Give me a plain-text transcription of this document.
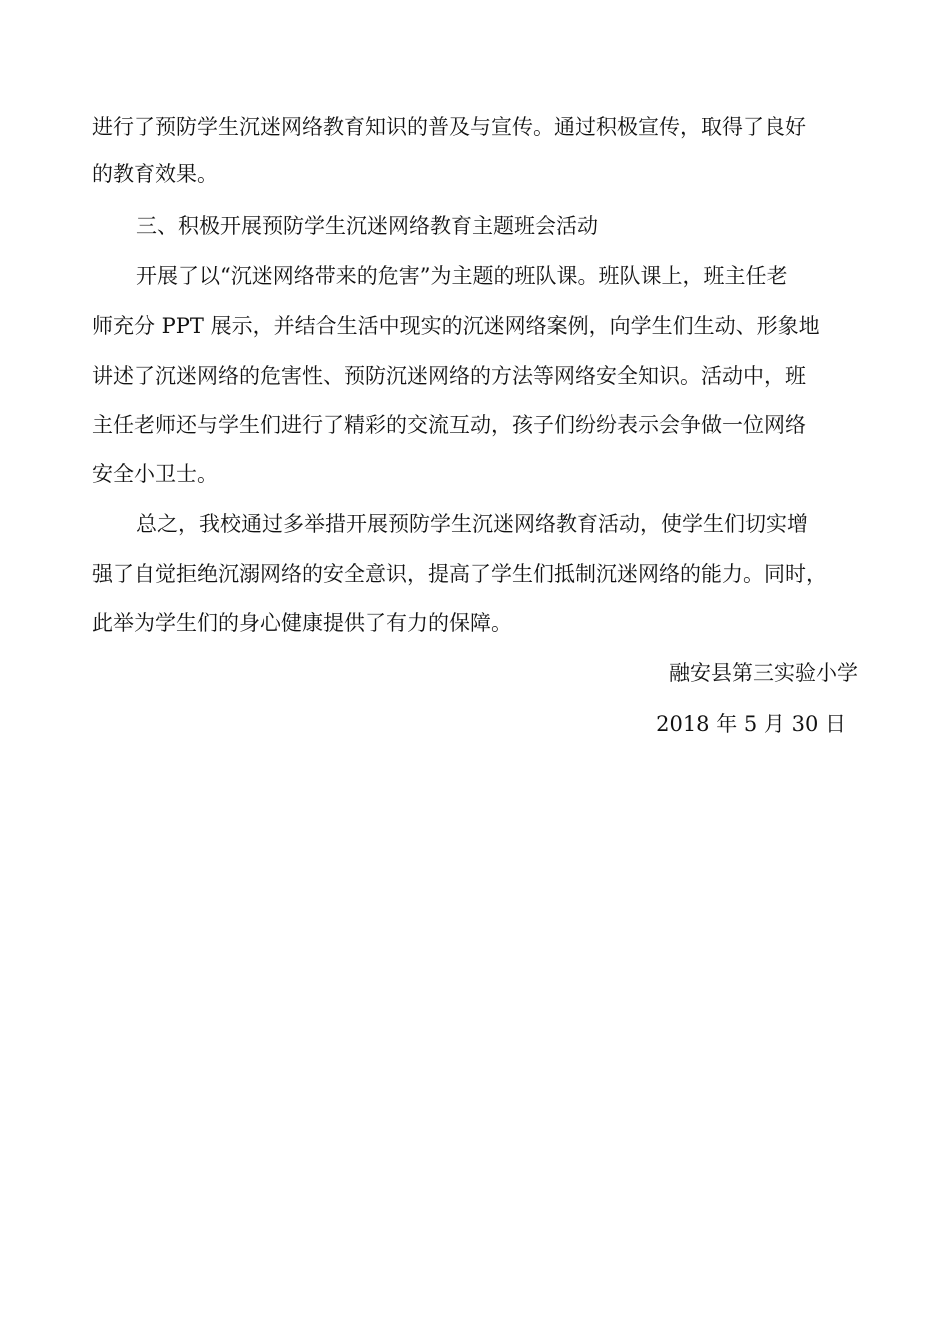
进行了预防学生沉迷网络教育知识的普及与宣传。通过积极宣传，取得了良好
的教育效果。
三、积极开展预防学生沉迷网络教育主题班会活动
开展了以“沉迷网络带来的危害”为主题的班队课。班队课上，班主任老
师充分 PPT 展示，并结合生活中现实的沉迷网络案例，向学生们生动、形象地
讲述了沉迷网络的危害性、预防沉迷网络的方法等网络安全知识。活动中，班
主任老师还与学生们进行了精彩的交流互动，孩子们纷纷表示会争做一位网络
安全小卫士。
总之，我校通过多举措开展预防学生沉迷网络教育活动，使学生们切实增
强了自觉拒绝沉溺网络的安全意识，提高了学生们抵制沉迷网络的能力。同时，
此举为学生们的身心健康提供了有力的保障。
融安县第三实验小学
2018 年 5 月 30 日
